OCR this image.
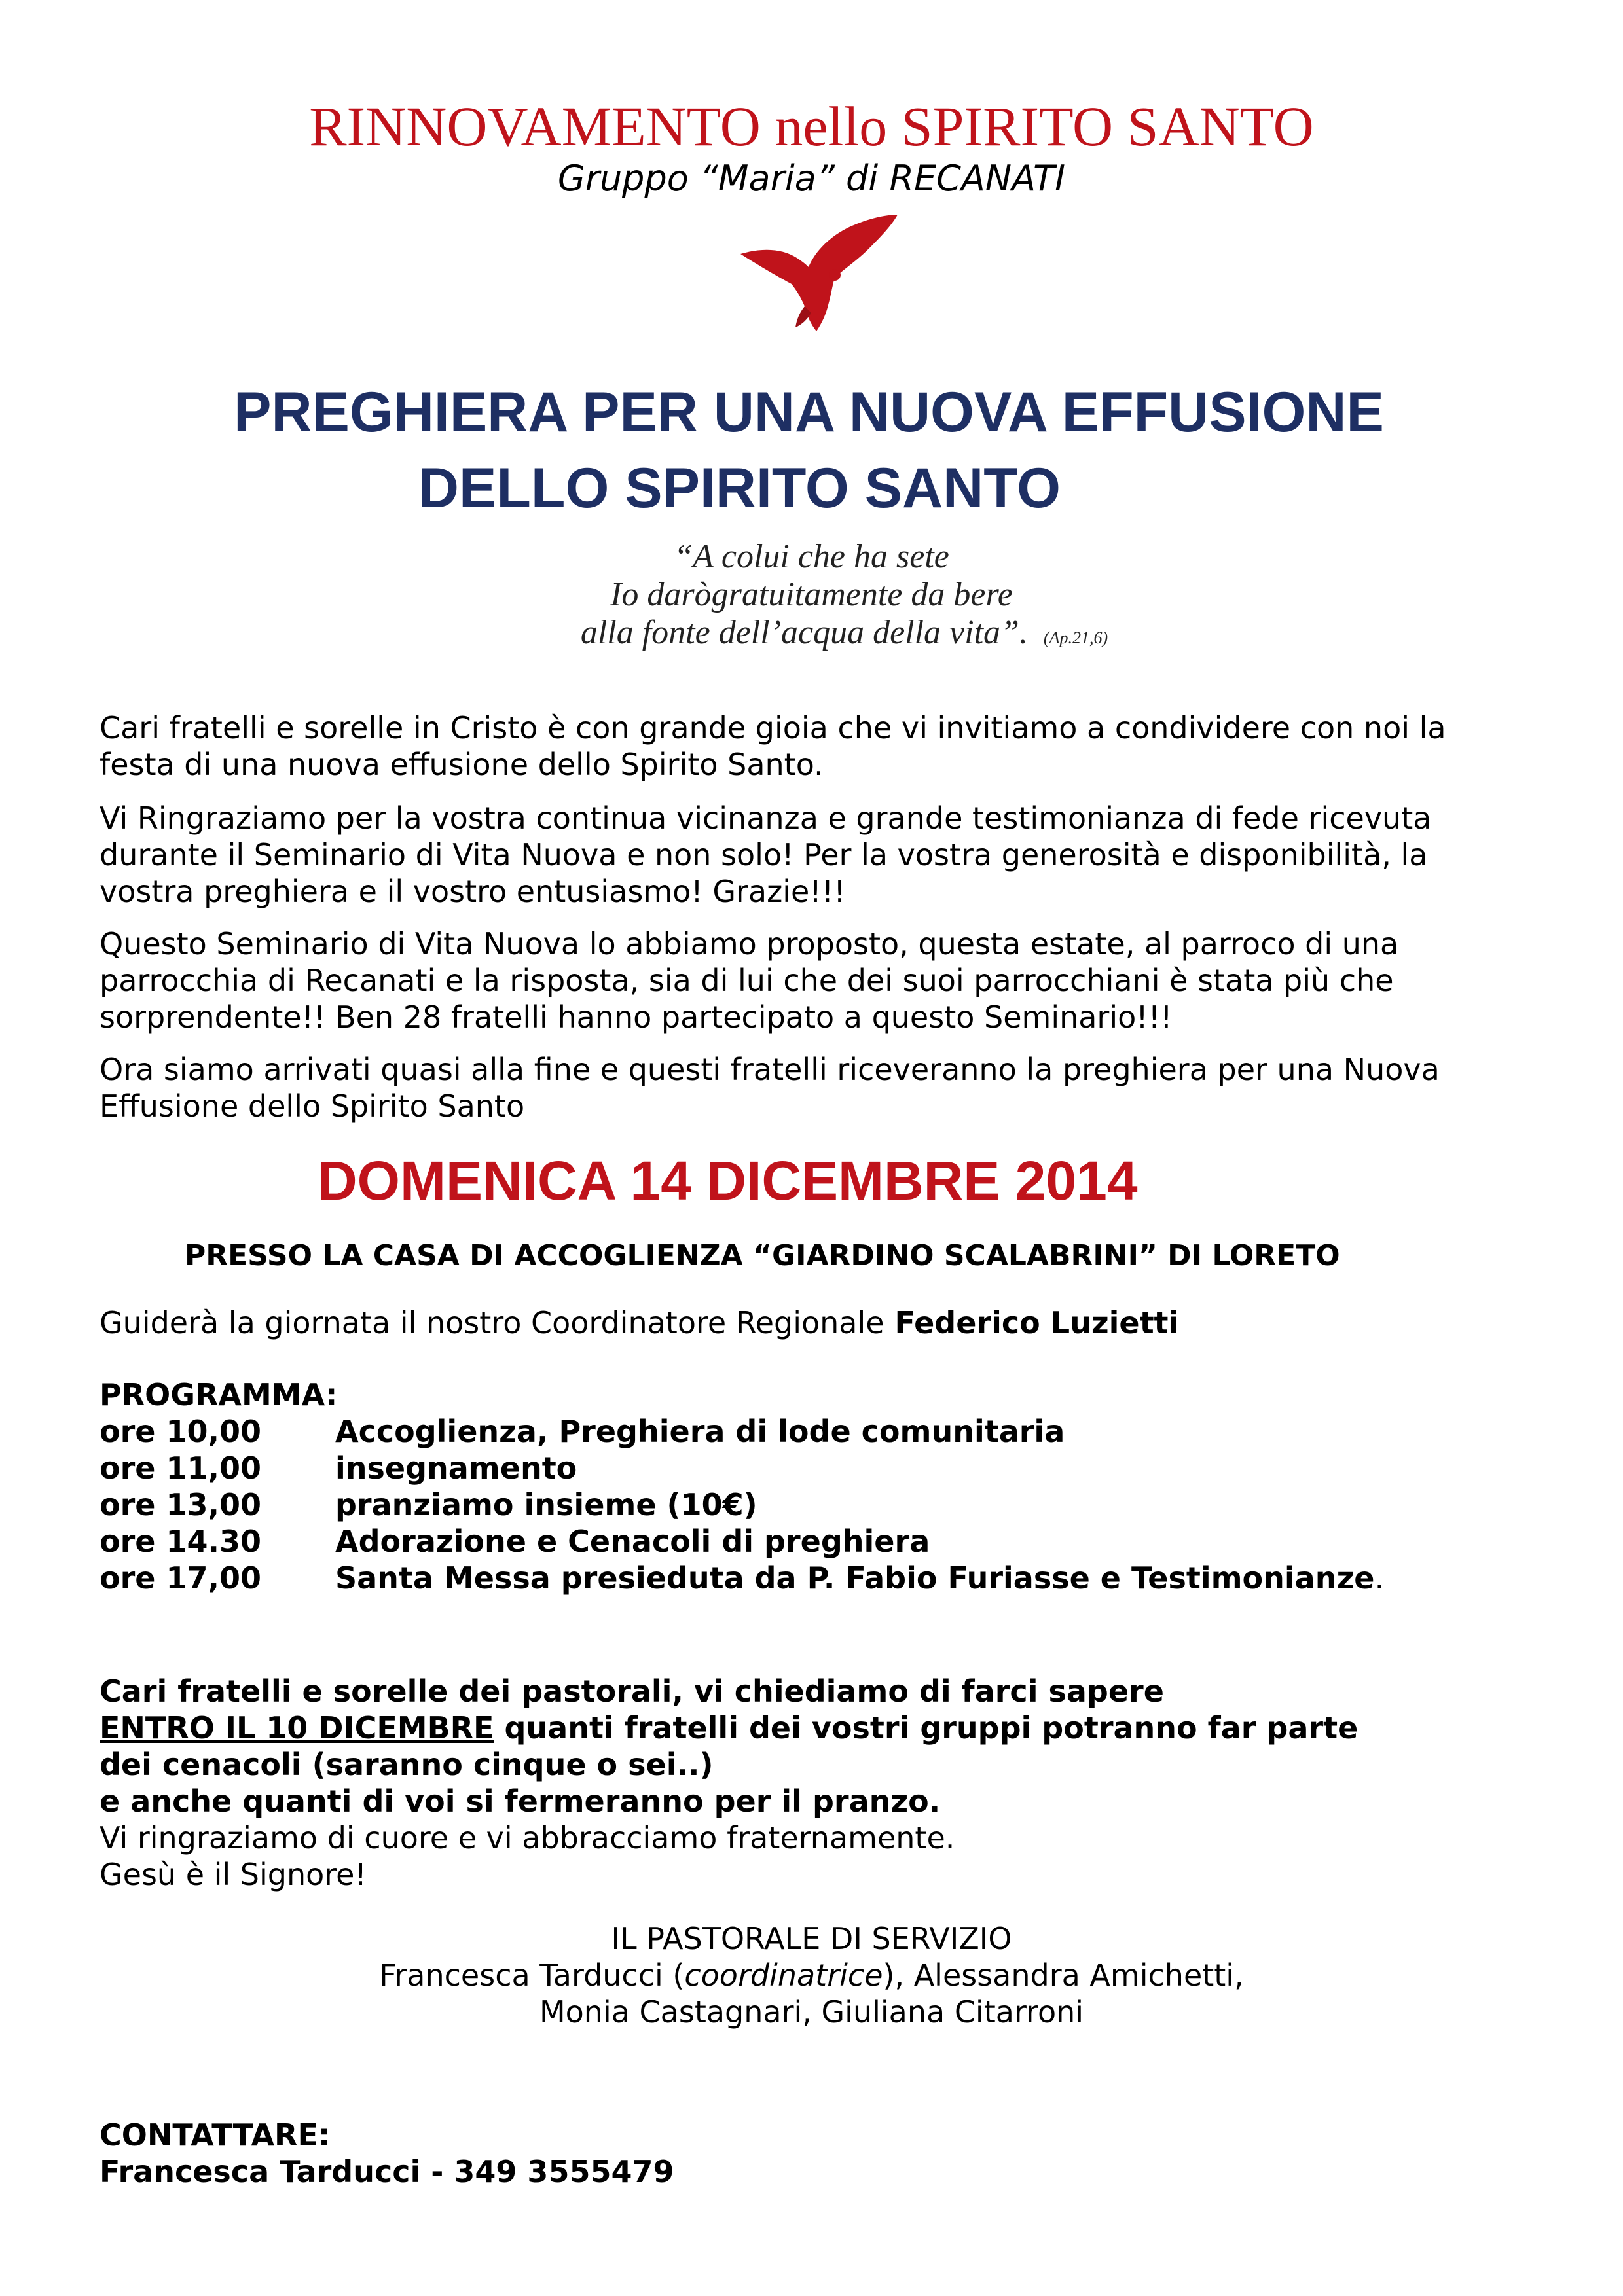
RINNOVAMENTO nello SPIRITO SANTO
Gruppo “Maria” di RECANATI
PREGHIERA PER UNA NUOVA EFFUSIONE
DELLO SPIRITO SANTO
“A colui che ha sete
Io darògratuitamente da bere
alla fonte dell’acqua della vita”. (Ap.21,6)
Cari fratelli e sorelle in Cristo è con grande gioia che vi invitiamo a condividere con noi la festa di una nuova effusione dello Spirito Santo.
Vi Ringraziamo per la vostra continua vicinanza e grande testimonianza di fede ricevuta durante il Seminario di Vita Nuova e non solo! Per la vostra generosità e disponibilità, la vostra preghiera e il vostro entusiasmo! Grazie!!!
Questo Seminario di Vita Nuova lo abbiamo proposto, questa estate, al parroco di una parrocchia di Recanati e la risposta, sia di lui che dei suoi parrocchiani è stata più che sorprendente!! Ben 28 fratelli hanno partecipato a questo Seminario!!!
Ora siamo arrivati quasi alla fine e questi fratelli riceveranno la preghiera per una Nuova Effusione dello Spirito Santo
DOMENICA 14 DICEMBRE 2014
PRESSO LA CASA DI ACCOGLIENZA “GIARDINO SCALABRINI” DI LORETO
Guiderà la giornata il nostro Coordinatore Regionale Federico Luzietti
PROGRAMMA:
ore 10,00 Accoglienza, Preghiera di lode comunitaria
ore 11,00 insegnamento
ore 13,00 pranziamo insieme (10€)
ore 14.30 Adorazione e Cenacoli di preghiera
ore 17,00 Santa Messa presieduta da P. Fabio Furiasse e Testimonianze.
Cari fratelli e sorelle dei pastorali, vi chiediamo di farci sapere
ENTRO IL 10 DICEMBRE quanti fratelli dei vostri gruppi potranno far parte
dei cenacoli (saranno cinque o sei..)
e anche quanti di voi si fermeranno per il pranzo.
Vi ringraziamo di cuore e vi abbracciamo fraternamente.
Gesù è il Signore!
IL PASTORALE DI SERVIZIO
Francesca Tarducci (coordinatrice), Alessandra Amichetti,
Monia Castagnari, Giuliana Citarroni
CONTATTARE:
Francesca Tarducci - 349 3555479
